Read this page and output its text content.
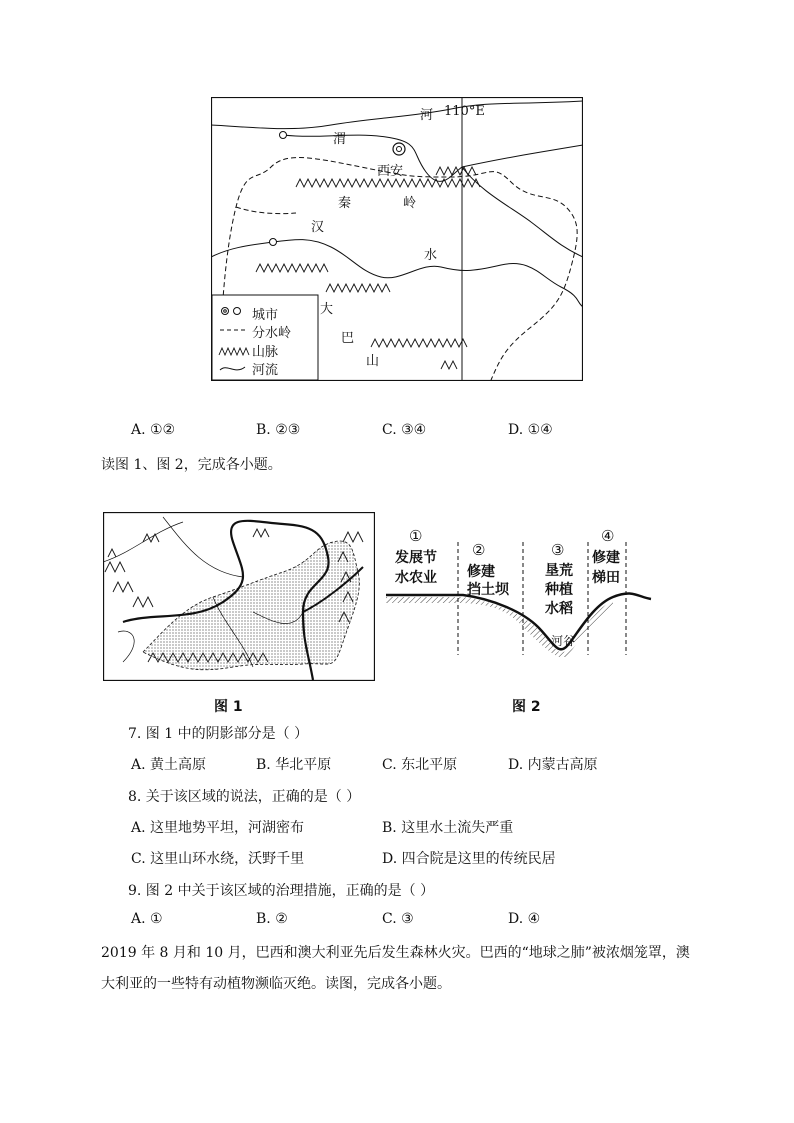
河 110°E
渭
西安
秦	岭
汉
水
大
巴
山
城市
分水岭
山脉
河流
A. ①②	B. ②③	C. ③④	D. ①④
读图 1、图 2，完成各小题。
图 1
①
发展节
水农业
②
修建
挡土坝
③
垦荒
种植
水稻
④
修建
梯田
河谷
图 2
7. 图 1 中的阴影部分是（ ）
A. 黄土高原	B. 华北平原	C. 东北平原	D. 内蒙古高原
8. 关于该区域的说法，正确的是（ ）
A. 这里地势平坦，河湖密布	B. 这里水土流失严重
C. 这里山环水绕，沃野千里	D. 四合院是这里的传统民居
9. 图 2 中关于该区域的治理措施，正确的是（ ）
A. ①	B. ②	C. ③	D. ④
2019 年 8 月和 10 月，巴西和澳大利亚先后发生森林火灾。巴西的“地球之肺”被浓烟笼罩，澳
大利亚的一些特有动植物濒临灭绝。读图，完成各小题。
